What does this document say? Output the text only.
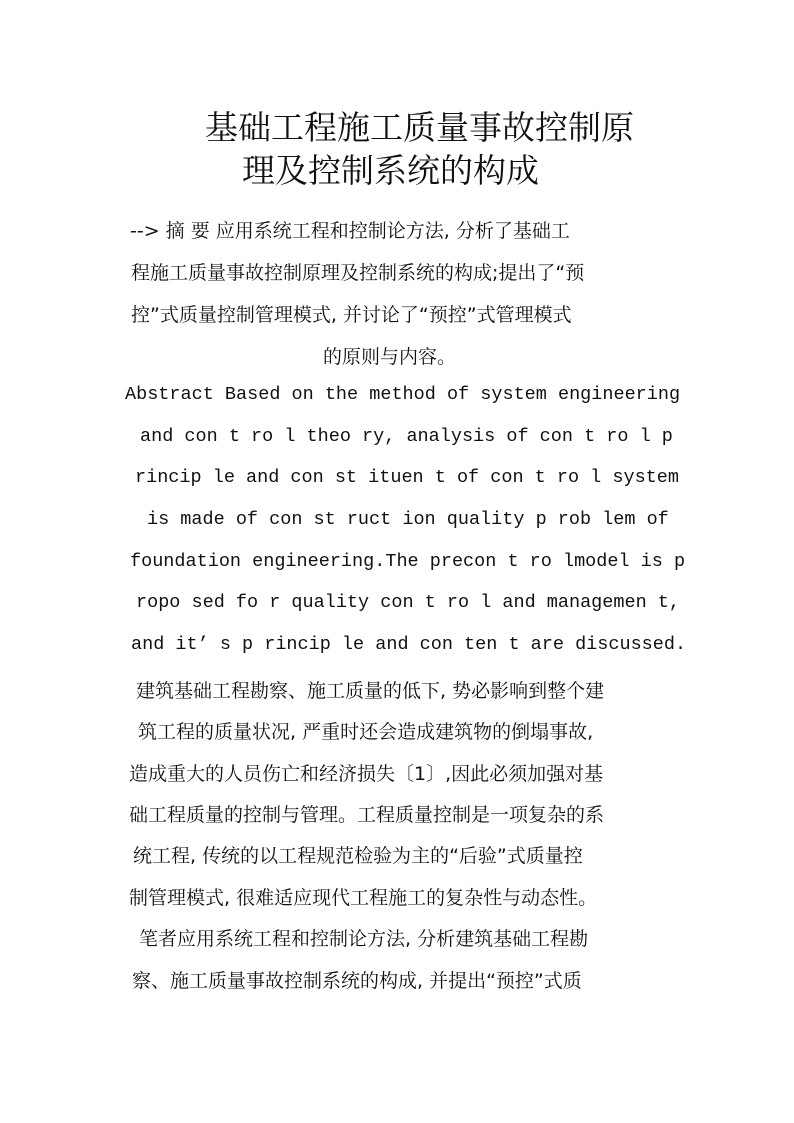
基础工程施工质量事故控制原
理及控制系统的构成
--> 摘 要 应用系统工程和控制论方法, 分析了基础工
程施工质量事故控制原理及控制系统的构成;提出了“预
控”式质量控制管理模式, 并讨论了“预控”式管理模式
的原则与内容。
Abstract Based on the method of system engineering
and con t ro l theo ry, analysis of con t ro l p
rincip le and con st ituen t of con t ro l system
is made of con st ruct ion quality p rob lem of
foundation engineering.The precon t ro lmodel is p
ropo sed fo r quality con t ro l and managemen t,
and it’ s p rincip le and con ten t are discussed.
建筑基础工程勘察、施工质量的低下, 势必影响到整个建
筑工程的质量状况, 严重时还会造成建筑物的倒塌事故,
造成重大的人员伤亡和经济损失〔1〕,因此必须加强对基
础工程质量的控制与管理。工程质量控制是一项复杂的系
统工程, 传统的以工程规范检验为主的“后验”式质量控
制管理模式, 很难适应现代工程施工的复杂性与动态性。
笔者应用系统工程和控制论方法, 分析建筑基础工程勘
察、施工质量事故控制系统的构成, 并提出“预控”式质
